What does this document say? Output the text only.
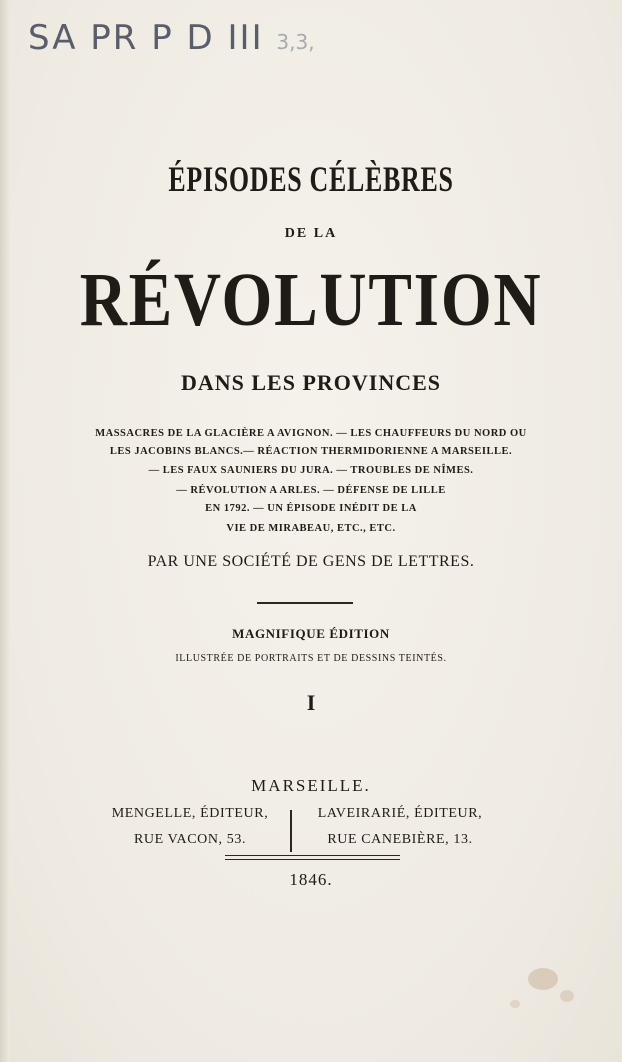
SA PR P D III 3,3,
ÉPISODES CÉLÈBRES
DE LA
RÉVOLUTION
DANS LES PROVINCES
MASSACRES DE LA GLACIÈRE A AVIGNON. — LES CHAUFFEURS DU NORD OU
LES JACOBINS BLANCS.— RÉACTION THERMIDORIENNE A MARSEILLE.
— LES FAUX SAUNIERS DU JURA. — TROUBLES DE NÎMES.
— RÉVOLUTION A ARLES. — DÉFENSE DE LILLE
EN 1792. — UN ÉPISODE INÉDIT DE LA
VIE DE MIRABEAU, ETC., ETC.
PAR UNE SOCIÉTÉ DE GENS DE LETTRES.
MAGNIFIQUE ÉDITION
ILLUSTRÉE DE PORTRAITS ET DE DESSINS TEINTÉS.
I
MARSEILLE.
MENGELLE, ÉDITEUR,
RUE VACON, 53.
LAVEIRARIÉ, ÉDITEUR,
RUE CANEBIÈRE, 13.
1846.
